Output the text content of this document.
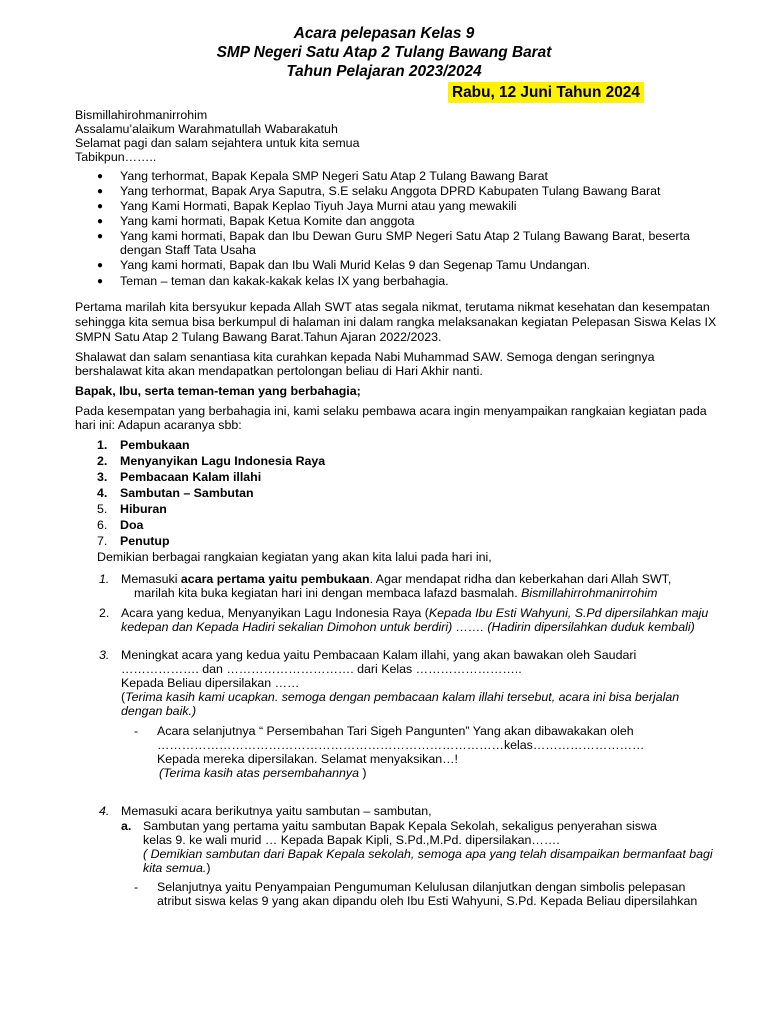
Acara pelepasan Kelas 9
SMP Negeri Satu Atap 2 Tulang Bawang Barat
Tahun Pelajaran 2023/2024
Rabu, 12 Juni Tahun 2024
Bismillahirohmanirrohim
Assalamu’alaikum Warahmatullah Wabarakatuh
Selamat pagi dan salam sejahtera untuk kita semua
Tabikpun……..
● Yang terhormat, Bapak Kepala SMP Negeri Satu Atap 2 Tulang Bawang Barat
● Yang terhormat, Bapak Arya Saputra, S.E selaku Anggota DPRD Kabupaten Tulang Bawang Barat
● Yang Kami Hormati, Bapak Keplao Tiyuh Jaya Murni atau yang mewakili
● Yang kami hormati, Bapak Ketua Komite dan anggota
● Yang kami hormati, Bapak dan Ibu Dewan Guru SMP Negeri Satu Atap 2 Tulang Bawang Barat, beserta
dengan Staff Tata Usaha
● Yang kami hormati, Bapak dan Ibu Wali Murid Kelas 9 dan Segenap Tamu Undangan.
● Teman – teman dan kakak-kakak kelas IX yang berbahagia.
Pertama marilah kita bersyukur kepada Allah SWT atas segala nikmat, terutama nikmat kesehatan dan kesempatan
sehingga kita semua bisa berkumpul di halaman ini dalam rangka melaksanakan kegiatan Pelepasan Siswa Kelas IX
SMPN Satu Atap 2 Tulang Bawang Barat.Tahun Ajaran 2022/2023.
Shalawat dan salam senantiasa kita curahkan kepada Nabi Muhammad SAW. Semoga dengan seringnya
bershalawat kita akan mendapatkan pertolongan beliau di Hari Akhir nanti.
Bapak, Ibu, serta teman-teman yang berbahagia;
Pada kesempatan yang berbahagia ini, kami selaku pembawa acara ingin menyampaikan rangkaian kegiatan pada
hari ini: Adapun acaranya sbb:
1. Pembukaan
2. Menyanyikan Lagu Indonesia Raya
3. Pembacaan Kalam illahi
4. Sambutan – Sambutan
5. Hiburan
6. Doa
7. Penutup
Demikian berbagai rangkaian kegiatan yang akan kita lalui pada hari ini,
1. Memasuki acara pertama yaitu pembukaan. Agar mendapat ridha dan keberkahan dari Allah SWT,
marilah kita buka kegiatan hari ini dengan membaca lafazd basmalah. Bismillahirrohmanirrohim
2. Acara yang kedua, Menyanyikan Lagu Indonesia Raya (Kepada Ibu Esti Wahyuni, S.Pd dipersilahkan maju
kedepan dan Kepada Hadiri sekalian Dimohon untuk berdiri) ……. (Hadirin dipersilahkan duduk kembali)
3. Meningkat acara yang kedua yaitu Pembacaan Kalam illahi, yang akan bawakan oleh Saudari
………………. dan …………………………. dari Kelas ……………………..
Kepada Beliau dipersilakan ……
(Terima kasih kami ucapkan. semoga dengan pembacaan kalam illahi tersebut, acara ini bisa berjalan
dengan baik.)
- Acara selanjutnya “ Persembahan Tari Sigeh Pangunten” Yang akan dibawakakan oleh
…………………………………………………………………………kelas………………………
Kepada mereka dipersilakan. Selamat menyaksikan…!
(Terima kasih atas persembahannya )
4. Memasuki acara berikutnya yaitu sambutan – sambutan,
a. Sambutan yang pertama yaitu sambutan Bapak Kepala Sekolah, sekaligus penyerahan siswa
kelas 9. ke wali murid … Kepada Bapak Kipli, S.Pd.,M.Pd. dipersilakan…….
( Demikian sambutan dari Bapak Kepala sekolah, semoga apa yang telah disampaikan bermanfaat bagi
kita semua.)
- Selanjutnya yaitu Penyampaian Pengumuman Kelulusan dilanjutkan dengan simbolis pelepasan
atribut siswa kelas 9 yang akan dipandu oleh Ibu Esti Wahyuni, S.Pd. Kepada Beliau dipersilahkan
